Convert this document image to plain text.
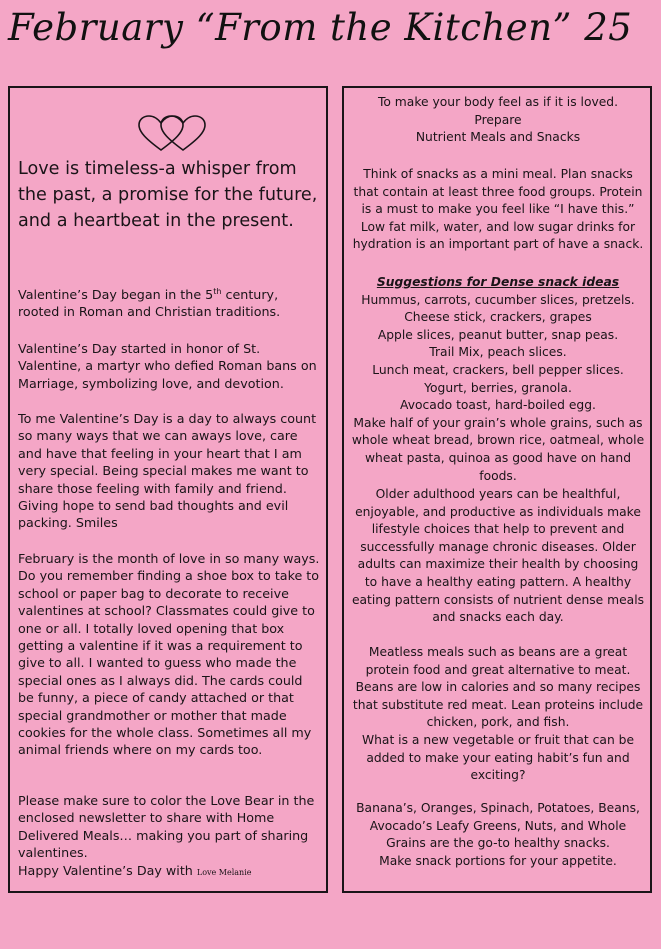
February “From the Kitchen” 25
Love is timeless-a whisper from the past, a promise for the future, and a heartbeat in the present.
Valentine’s Day began in the 5th century, rooted in Roman and Christian traditions.
Valentine’s Day started in honor of St. Valentine, a martyr who defied Roman bans on Marriage, symbolizing love, and devotion.
To me Valentine’s Day is a day to always count so many ways that we can aways love, care and have that feeling in your heart that I am very special. Being special makes me want to share those feeling with family and friend. Giving hope to send bad thoughts and evil packing. Smiles
February is the month of love in so many ways. Do you remember finding a shoe box to take to school or paper bag to decorate to receive valentines at school? Classmates could give to one or all. I totally loved opening that box getting a valentine if it was a requirement to give to all. I wanted to guess who made the special ones as I always did. The cards could be funny, a piece of candy attached or that special grandmother or mother that made cookies for the whole class. Sometimes all my animal friends where on my cards too.
Please make sure to color the Love Bear in the enclosed newsletter to share with Home Delivered Meals… making you part of sharing valentines.
Happy Valentine’s Day with Love Melanie
To make your body feel as if it is loved.
Prepare
Nutrient Meals and Snacks
Think of snacks as a mini meal. Plan snacks that contain at least three food groups. Protein is a must to make you feel like “I have this.” Low fat milk, water, and low sugar drinks for hydration is an important part of have a snack.
Suggestions for Dense snack ideas
Hummus, carrots, cucumber slices, pretzels.
Cheese stick, crackers, grapes
Apple slices, peanut butter, snap peas.
Trail Mix, peach slices.
Lunch meat, crackers, bell pepper slices.
Yogurt, berries, granola.
Avocado toast, hard-boiled egg.
Make half of your grain’s whole grains, such as whole wheat bread, brown rice, oatmeal, whole wheat pasta, quinoa as good have on hand foods.
Older adulthood years can be healthful, enjoyable, and productive as individuals make lifestyle choices that help to prevent and successfully manage chronic diseases. Older adults can maximize their health by choosing to have a healthy eating pattern. A healthy eating pattern consists of nutrient dense meals and snacks each day.
Meatless meals such as beans are a great protein food and great alternative to meat. Beans are low in calories and so many recipes that substitute red meat. Lean proteins include chicken, pork, and fish.
What is a new vegetable or fruit that can be added to make your eating habit’s fun and exciting?
Banana’s, Oranges, Spinach, Potatoes, Beans, Avocado’s Leafy Greens, Nuts, and Whole Grains are the go-to healthy snacks.
Make snack portions for your appetite.
